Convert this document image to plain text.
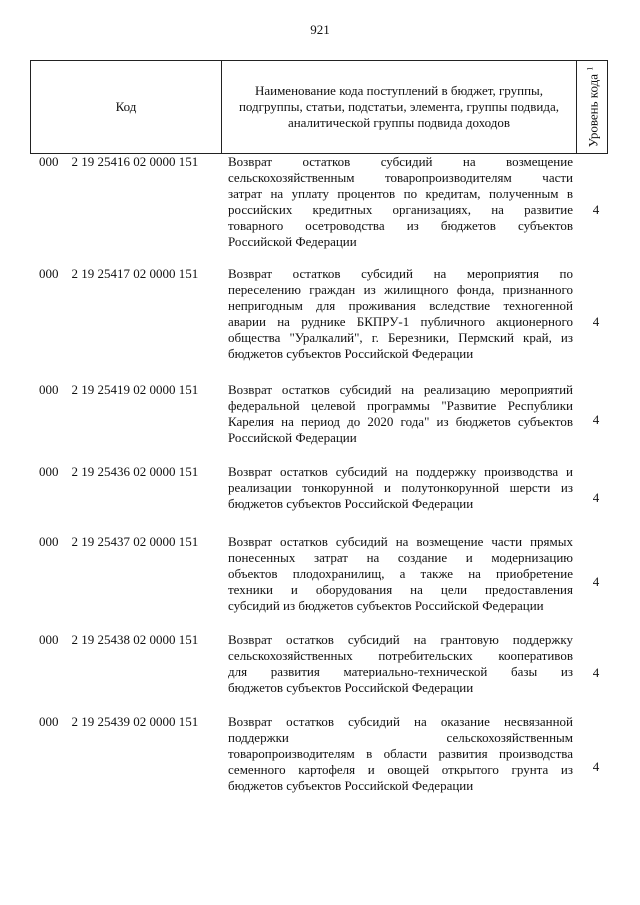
921
Код
Наименование кода поступлений в бюджет, группы, подгруппы, статьи, подстатьи, элемента, группы подвида, аналитической группы подвида доходов	Уровень кода $^1$
000 2 19 25416 02 0000 151 Возврат остатков субсидий на возмещение
сельскохозяйственным товаропроизводителям части
затрат на уплату процентов по кредитам, полученным в
российских кредитных организациях, на развитие
товарного осетроводства из бюджетов субъектов
Российской Федерации
4
000 2 19 25417 02 0000 151 Возврат остатков субсидий на мероприятия по
переселению граждан из жилищного фонда, признанного
непригодным для проживания вследствие техногенной
аварии на руднике БКПРУ-1 публичного акционерного
общества "Уралкалий", г. Березники, Пермский край, из
бюджетов субъектов Российской Федерации
4
000 2 19 25419 02 0000 151 Возврат остатков субсидий на реализацию мероприятий
федеральной целевой программы "Развитие Республики
Карелия на период до 2020 года" из бюджетов субъектов
Российской Федерации
4
000 2 19 25436 02 0000 151 Возврат остатков субсидий на поддержку производства и
реализации тонкорунной и полутонкорунной шерсти из
бюджетов субъектов Российской Федерации	4
000 2 19 25437 02 0000 151 Возврат остатков субсидий на возмещение части прямых
понесенных затрат на создание и модернизацию
объектов плодохранилищ, а также на приобретение
техники и оборудования на цели предоставления
субсидий из бюджетов субъектов Российской Федерации
4
000 2 19 25438 02 0000 151 Возврат остатков субсидий на грантовую поддержку
сельскохозяйственных потребительских кооперативов
для развития материально-технической базы из
бюджетов субъектов Российской Федерации
4
000 2 19 25439 02 0000 151 Возврат остатков субсидий на оказание несвязанной
поддержки сельскохозяйственным
товаропроизводителям в области развития производства
семенного картофеля и овощей открытого грунта из
бюджетов субъектов Российской Федерации
4
